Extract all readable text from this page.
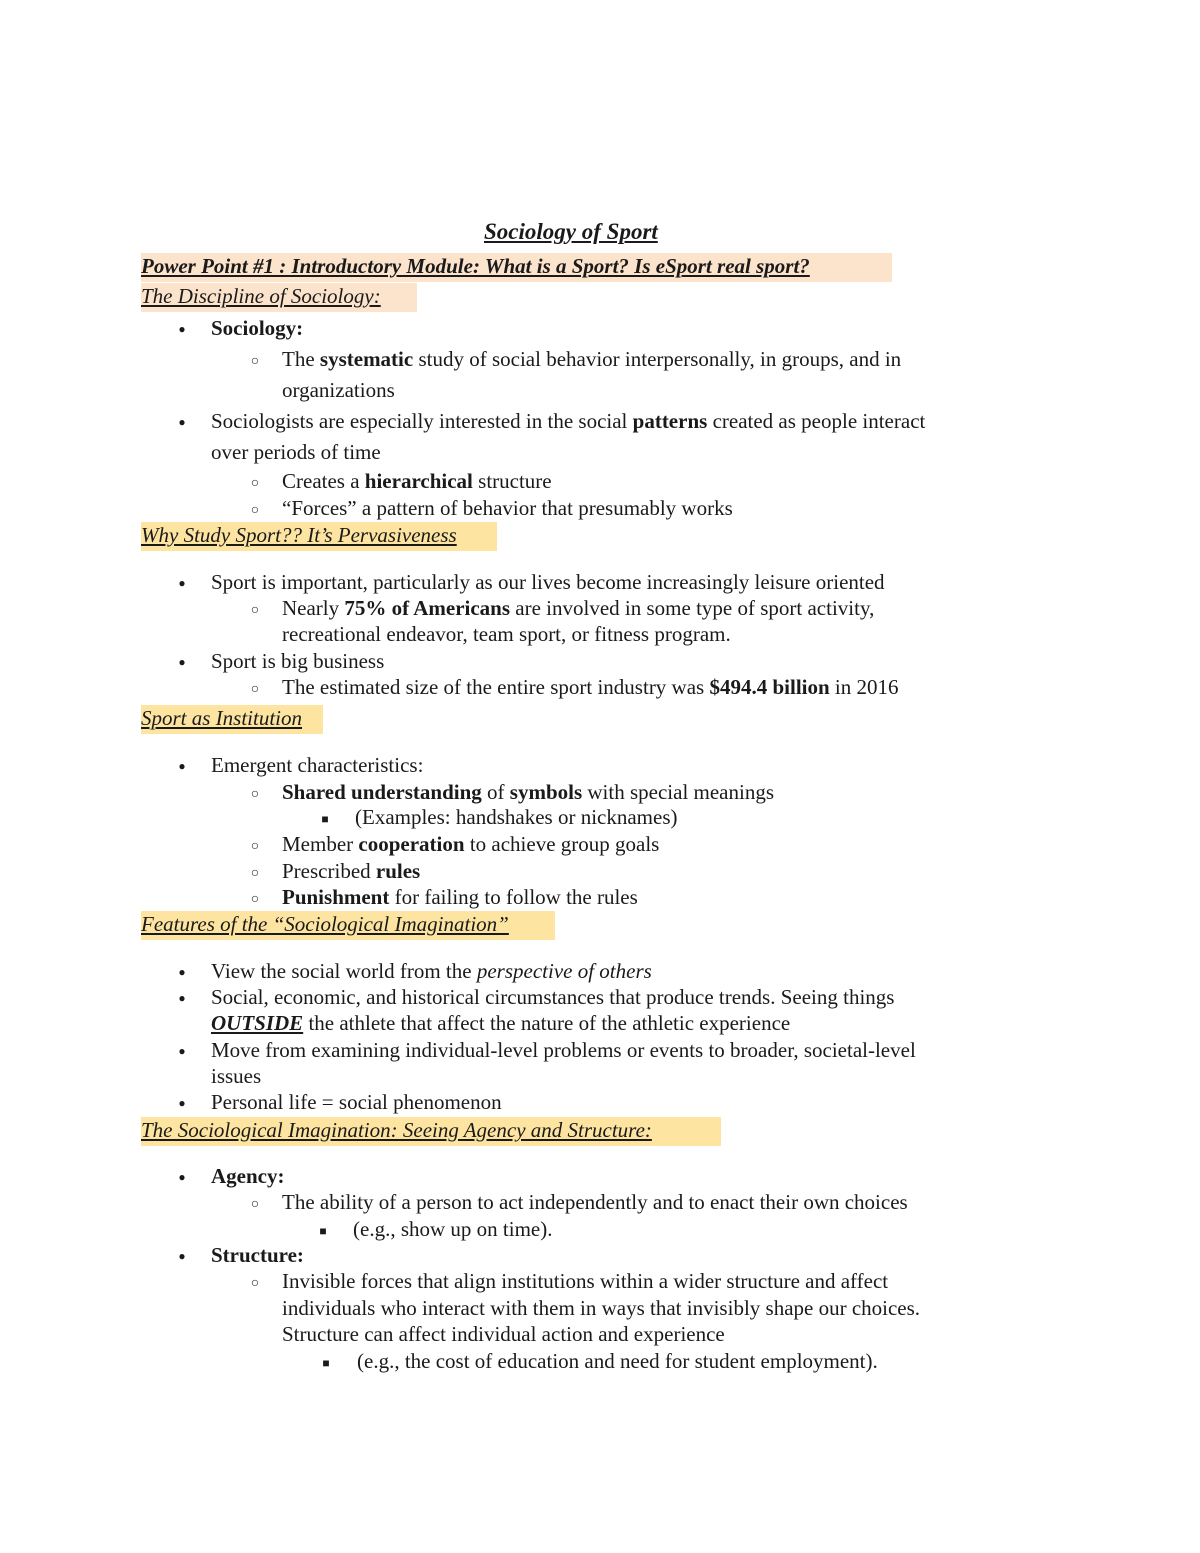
Sociology of Sport
Power Point #1 : Introductory Module: What is a Sport? Is eSport real sport?
The Discipline of Sociology:
●
Sociology:
○
The systematic study of social behavior interpersonally, in groups, and in
organizations
●
Sociologists are especially interested in the social patterns created as people interact
over periods of time
○
Creates a hierarchical structure
○
“Forces” a pattern of behavior that presumably works
Why Study Sport?? It’s Pervasiveness
●
Sport is important, particularly as our lives become increasingly leisure oriented
○
Nearly 75% of Americans are involved in some type of sport activity,
recreational endeavor, team sport, or fitness program.
●
Sport is big business
○
The estimated size of the entire sport industry was $494.4 billion in 2016
Sport as Institution
●
Emergent characteristics:
○
Shared understanding of symbols with special meanings
■
(Examples: handshakes or nicknames)
○
Member cooperation to achieve group goals
○
Prescribed rules
○
Punishment for failing to follow the rules
Features of the “Sociological Imagination”
●
View the social world from the perspective of others
●
Social, economic, and historical circumstances that produce trends. Seeing things
OUTSIDE the athlete that affect the nature of the athletic experience
●
Move from examining individual-level problems or events to broader, societal-level
issues
●
Personal life = social phenomenon
The Sociological Imagination: Seeing Agency and Structure:
●
Agency:
○
The ability of a person to act independently and to enact their own choices
■
(e.g., show up on time).
●
Structure:
○
Invisible forces that align institutions within a wider structure and affect
individuals who interact with them in ways that invisibly shape our choices.
Structure can affect individual action and experience
■
(e.g., the cost of education and need for student employment).
